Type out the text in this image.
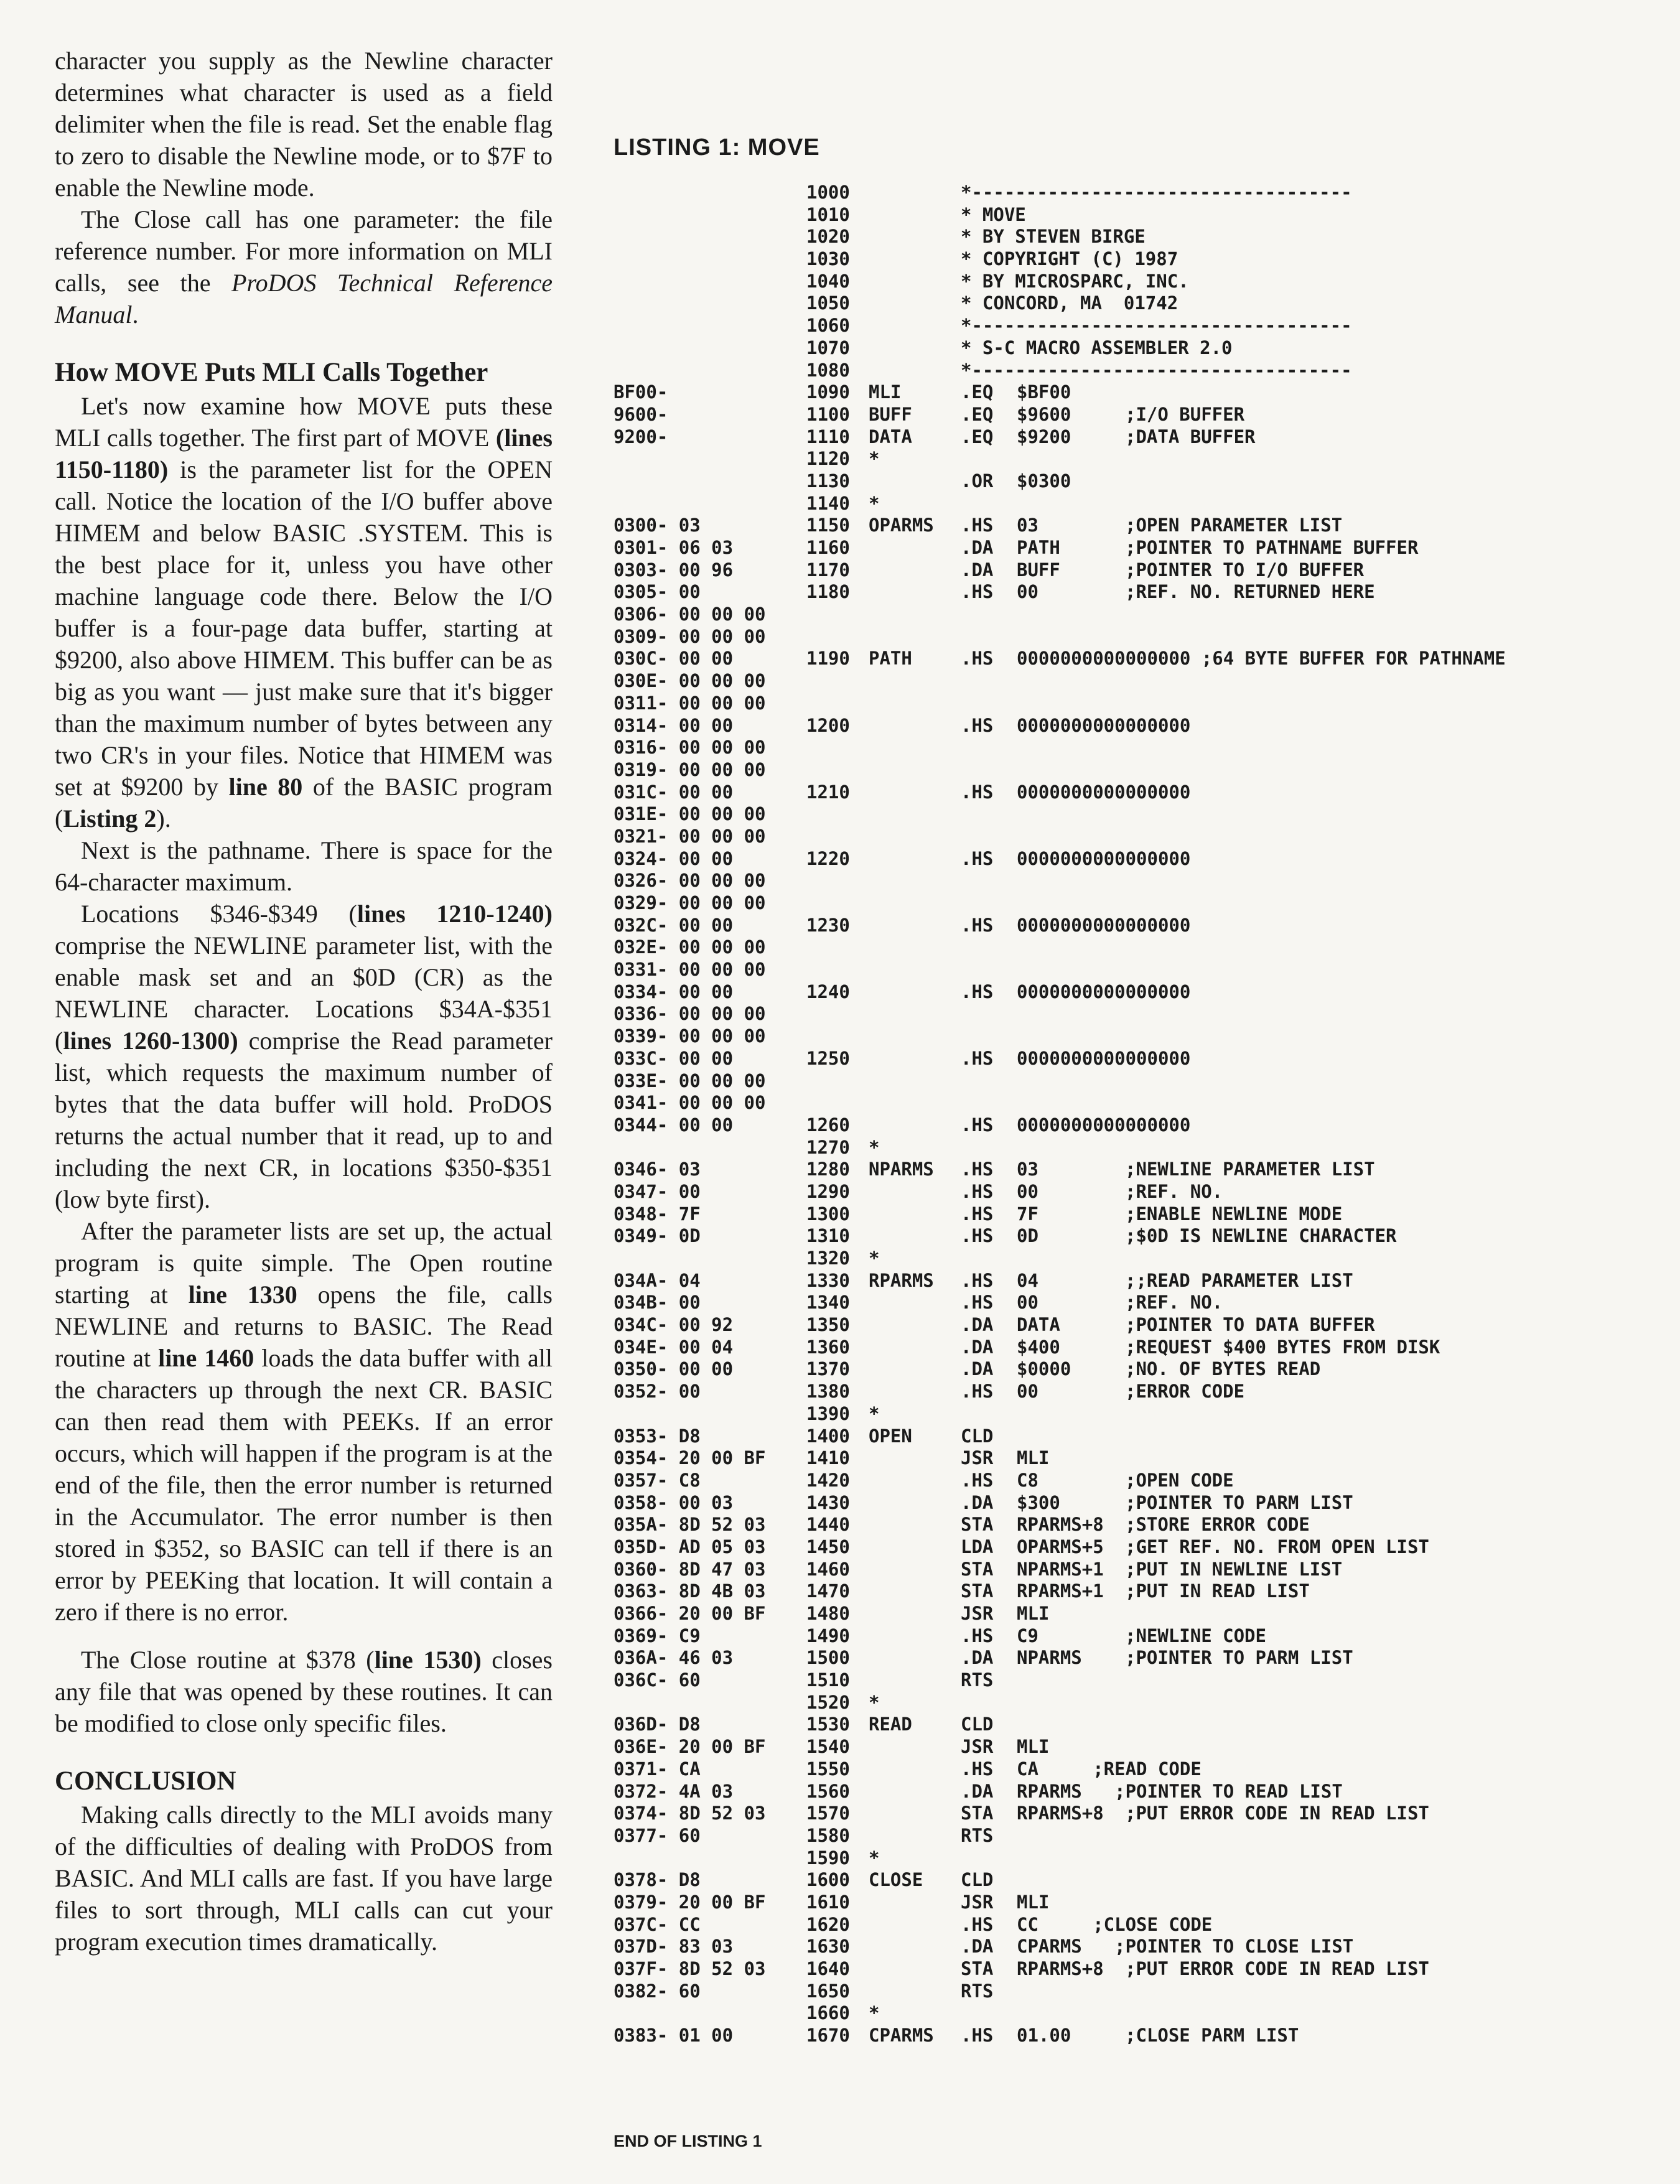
character you supply as the Newline character determines what character is used as a field delimiter when the file is read. Set the enable flag to zero to disable the Newline mode, or to $7F to enable the Newline mode.

The Close call has one parameter: the file reference number. For more information on MLI calls, see the ProDOS Technical Reference Manual.

How MOVE Puts MLI Calls Together

Let's now examine how MOVE puts these MLI calls together. The first part of MOVE (lines 1150-1180) is the parameter list for the OPEN call. Notice the location of the I/O buffer above HIMEM and below BASIC .SYSTEM. This is the best place for it, unless you have other machine language code there. Below the I/O buffer is a four-page data buffer, starting at $9200, also above HIMEM. This buffer can be as big as you want — just make sure that it's bigger than the maximum number of bytes between any two CR's in your files. Notice that HIMEM was set at $9200 by line 80 of the BASIC program (Listing 2).

Next is the pathname. There is space for the 64-character maximum.

Locations $346-$349 (lines 1210-1240) comprise the NEWLINE parameter list, with the enable mask set and an $0D (CR) as the NEWLINE character. Locations $34A-$351 (lines 1260-1300) comprise the Read parameter list, which requests the maximum number of bytes that the data buffer will hold. ProDOS returns the actual number that it read, up to and including the next CR, in locations $350-$351 (low byte first).

After the parameter lists are set up, the actual program is quite simple. The Open routine starting at line 1330 opens the file, calls NEWLINE and returns to BASIC. The Read routine at line 1460 loads the data buffer with all the characters up through the next CR. BASIC can then read them with PEEKs. If an error occurs, which will happen if the program is at the end of the file, then the error number is returned in the Accumulator. The error number is then stored in $352, so BASIC can tell if there is an error by PEEKing that location. It will contain a zero if there is no error.

The Close routine at $378 (line 1530) closes any file that was opened by these routines. It can be modified to close only specific files.

CONCLUSION

Making calls directly to the MLI avoids many of the difficulties of dealing with ProDOS from BASIC. And MLI calls are fast. If you have large files to sort through, MLI calls can cut your program execution times dramatically.

LISTING 1: MOVE
1000	*-----------------------------------
1010	* MOVE
1020	* BY STEVEN BIRGE
1030	* COPYRIGHT (C) 1987
1040	* BY MICROSPARC, INC.
1050	* CONCORD, MA  01742
1060	*-----------------------------------
1070	* S-C MACRO ASSEMBLER 2.0
1080	*-----------------------------------
BF00-	1090 MLI	.EQ $BF00
9600-	1100 BUFF	.EQ $9600	;I/O BUFFER
9200-	1110 DATA	.EQ $9200	;DATA BUFFER
1120 *
1130	.OR $0300
1140 *
0300- 03	1150 OPARMS .HS 03	;OPEN PARAMETER LIST
0301- 06 03	1160	.DA PATH	;POINTER TO PATHNAME BUFFER
0303- 00 96	1170	.DA BUFF	;POINTER TO I/O BUFFER
0305- 00	1180	.HS 00	;REF. NO. RETURNED HERE
0306- 00 00 00
0309- 00 00 00
030C- 00 00	1190 PATH	.HS 0000000000000000 ;64 BYTE BUFFER FOR PATHNAME
030E- 00 00 00
0311- 00 00 00
0314- 00 00	1200	.HS 0000000000000000
0316- 00 00 00
0319- 00 00 00
031C- 00 00	1210	.HS 0000000000000000
031E- 00 00 00
0321- 00 00 00
0324- 00 00	1220	.HS 0000000000000000
0326- 00 00 00
0329- 00 00 00
032C- 00 00	1230	.HS 0000000000000000
032E- 00 00 00
0331- 00 00 00
0334- 00 00	1240	.HS 0000000000000000
0336- 00 00 00
0339- 00 00 00
033C- 00 00	1250	.HS 0000000000000000
033E- 00 00 00
0341- 00 00 00
0344- 00 00	1260	.HS 0000000000000000
1270 *
0346- 03	1280 NPARMS .HS 03	;NEWLINE PARAMETER LIST
0347- 00	1290	.HS 00	;REF. NO.
0348- 7F	1300	.HS 7F	;ENABLE NEWLINE MODE
0349- 0D	1310	.HS 0D	;$0D IS NEWLINE CHARACTER
1320 *
034A- 04	1330 RPARMS .HS 04	;;READ PARAMETER LIST
034B- 00	1340	.HS 00	;REF. NO.
034C- 00 92	1350	.DA DATA	;POINTER TO DATA BUFFER
034E- 00 04	1360	.DA $400	;REQUEST $400 BYTES FROM DISK
0350- 00 00	1370	.DA $0000	;NO. OF BYTES READ
0352- 00	1380	.HS 00	;ERROR CODE
1390 *
0353- D8	1400 OPEN	CLD
0354- 20 00 BF 1410	JSR MLI
0357- C8	1420	.HS C8	;OPEN CODE
0358- 00 03	1430	.DA $300	;POINTER TO PARM LIST
035A- 8D 52 03 1440	STA RPARMS+8 ;STORE ERROR CODE
035D- AD 05 03 1450	LDA OPARMS+5 ;GET REF. NO. FROM OPEN LIST
0360- 8D 47 03 1460	STA NPARMS+1 ;PUT IN NEWLINE LIST
0363- 8D 4B 03 1470	STA RPARMS+1 ;PUT IN READ LIST
0366- 20 00 BF 1480	JSR MLI
0369- C9	1490	.HS C9	;NEWLINE CODE
036A- 46 03	1500	.DA NPARMS ;POINTER TO PARM LIST
036C- 60	1510	RTS
1520 *
036D- D8	1530 READ	CLD
036E- 20 00 BF 1540	JSR MLI
0371- CA	1550	.HS CA     ;READ CODE
0372- 4A 03	1560	.DA RPARMS   ;POINTER TO READ LIST
0374- 8D 52 03 1570	STA RPARMS+8 ;PUT ERROR CODE IN READ LIST
0377- 60	1580	RTS
1590 *
0378- D8	1600 CLOSE CLD
0379- 20 00 BF 1610	JSR MLI
037C- CC	1620	.HS CC     ;CLOSE CODE
037D- 83 03	1630	.DA CPARMS   ;POINTER TO CLOSE LIST
037F- 8D 52 03 1640	STA RPARMS+8 ;PUT ERROR CODE IN READ LIST
0382- 60	1650	RTS
1660 *
0383- 01 00	1670 CPARMS .HS 01.00	;CLOSE PARM LIST
END OF LISTING 1
